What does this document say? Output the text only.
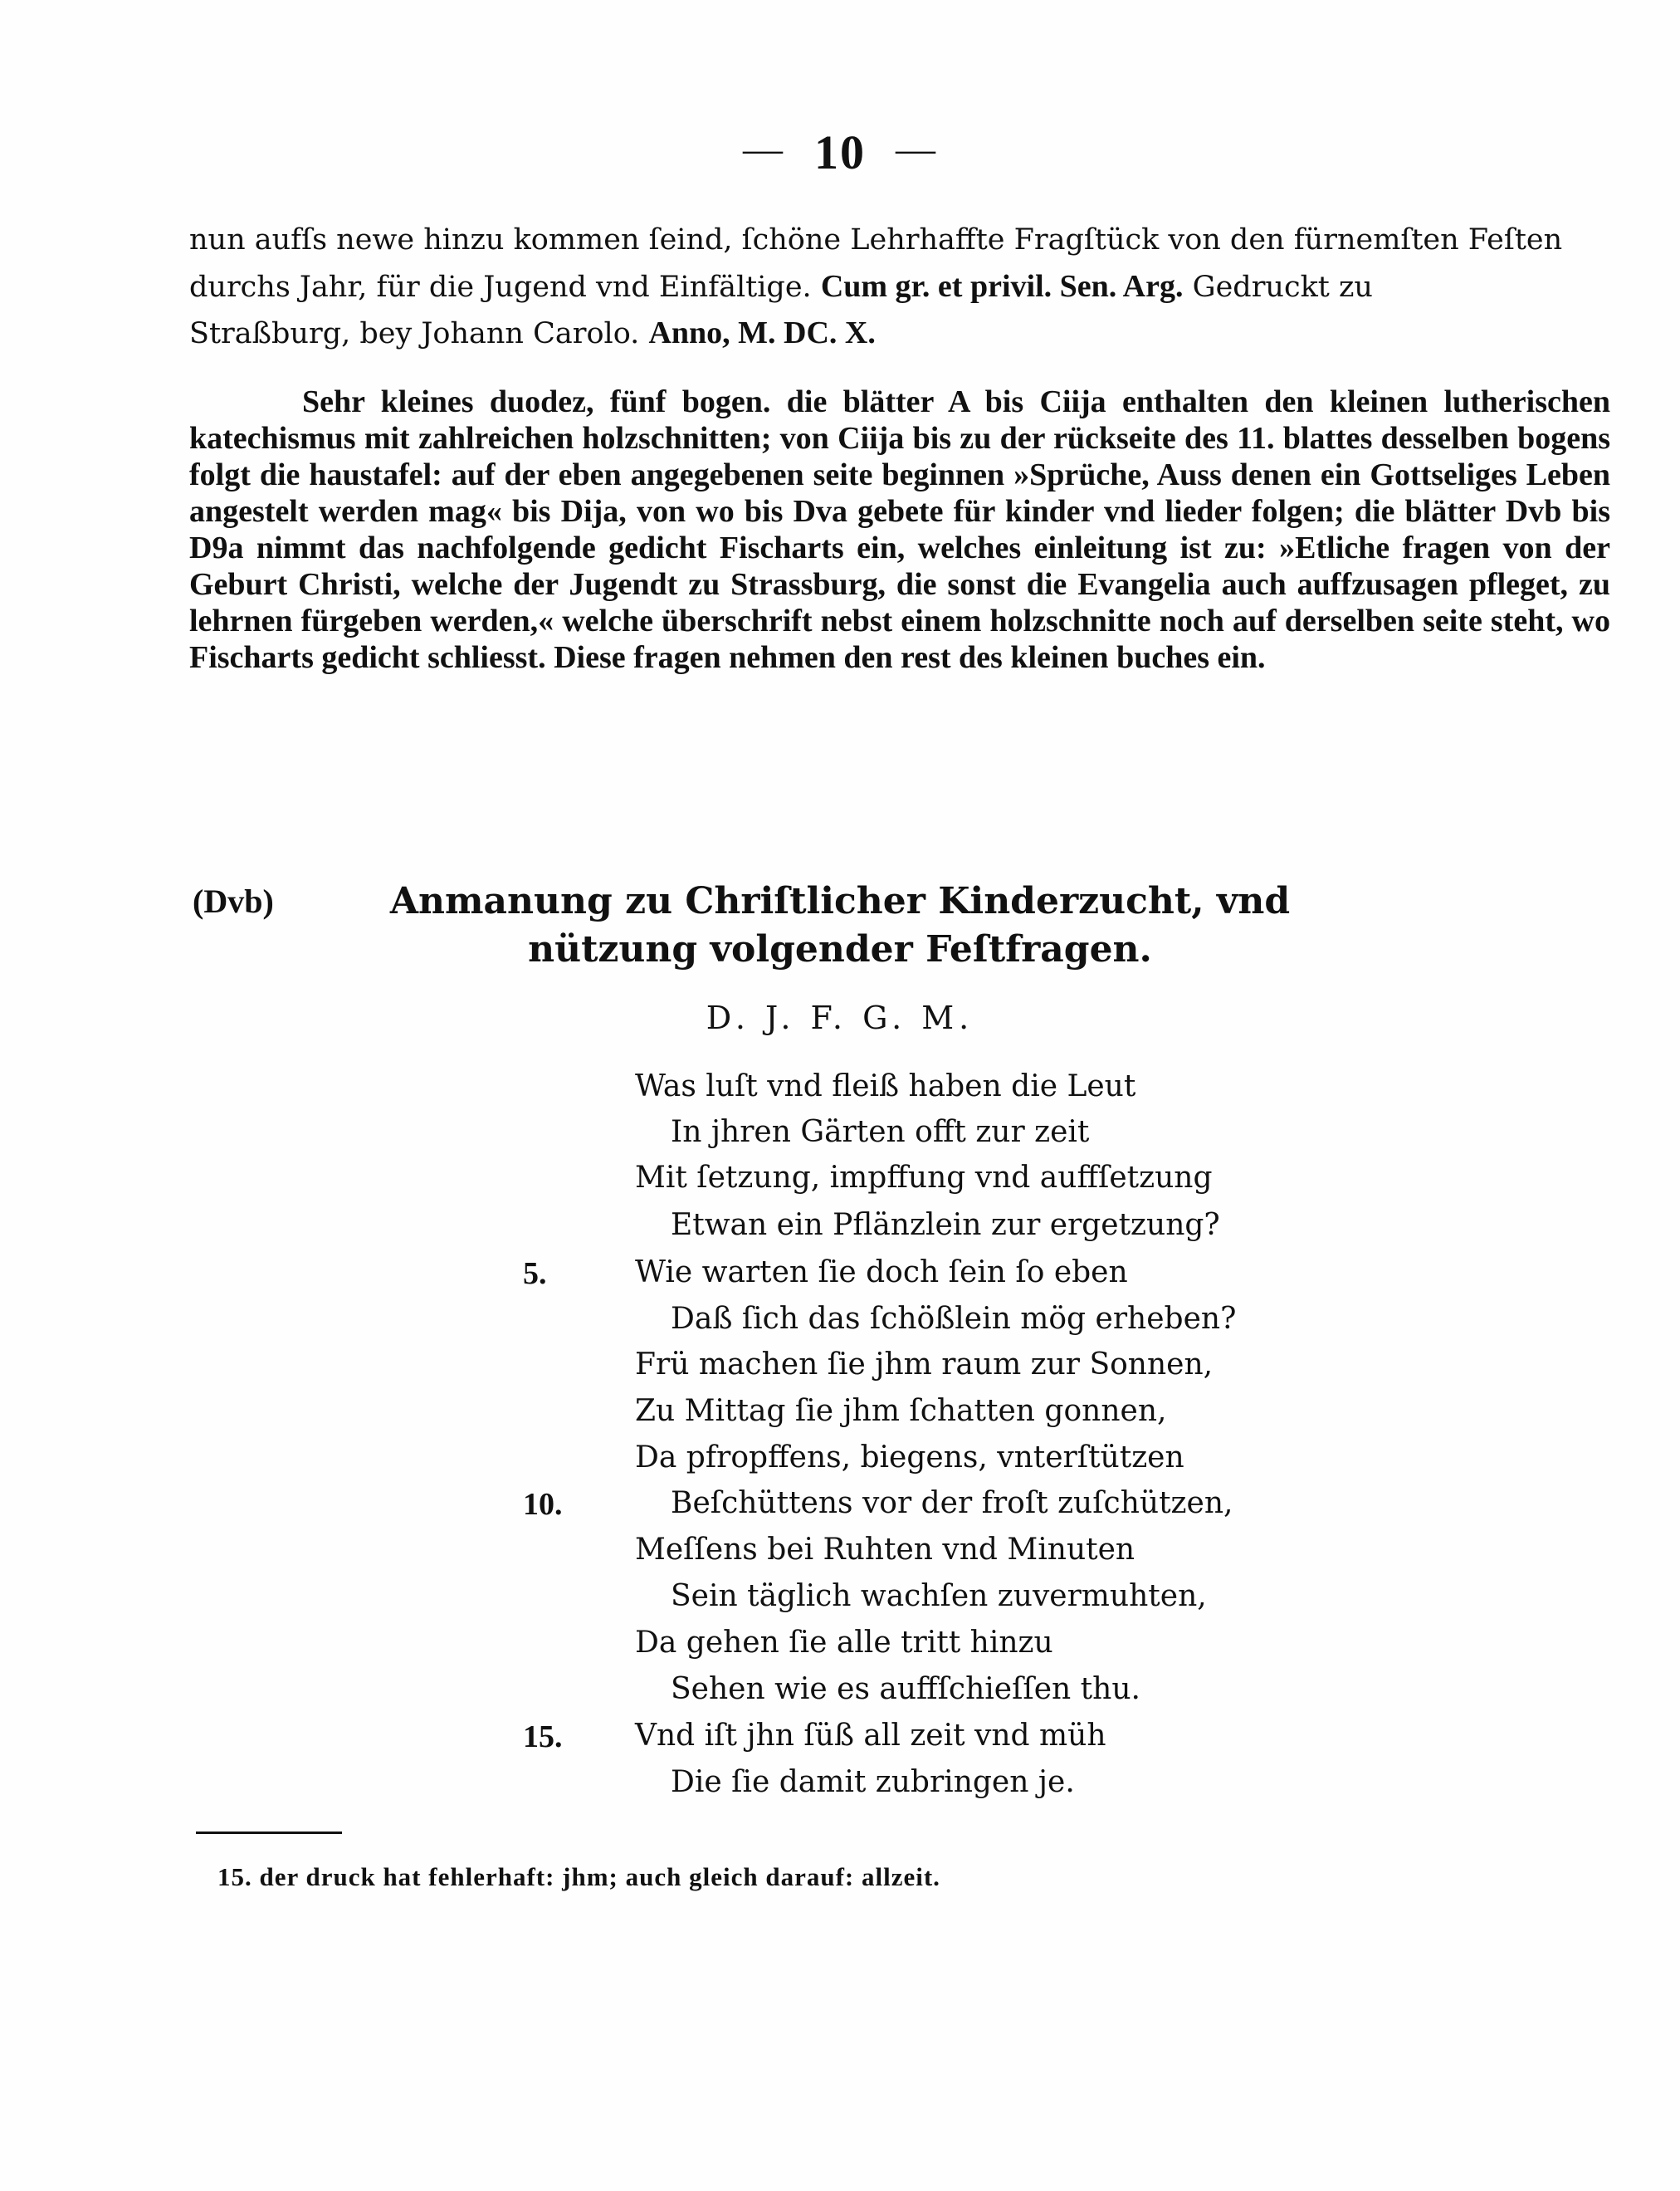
— 10 —
nun aufſs newe hinzu kommen ſeind, ſchöne Lehrhaffte Fragſtück von den fürnemſten Feſten
durchs Jahr, für die Jugend vnd Einfältige. Cum gr. et privil. Sen. Arg. Gedruckt zu
Straßburg, bey Johann Carolo. Anno, M. DC. X.
Sehr kleines duodez, fünf bogen. die blätter A bis Ciija enthalten den kleinen lutherischen katechismus mit zahlreichen holzschnitten; von Ciija bis zu der rückseite des 11. blattes desselben bogens folgt die haustafel: auf der eben angegebenen seite beginnen »Sprüche, Auss denen ein Gottseliges Leben angestelt werden mag« bis Dija, von wo bis Dva gebete für kinder vnd lieder folgen; die blätter Dvb bis D9a nimmt das nachfolgende gedicht Fischarts ein, welches einleitung ist zu: »Etliche fragen von der Geburt Christi, welche der Jugendt zu Strassburg, die sonst die Evangelia auch auffzusagen pfleget, zu lehrnen fürgeben werden,« welche überschrift nebst einem holzschnitte noch auf derselben seite steht, wo Fischarts gedicht schliesst. Diese fragen nehmen den rest des kleinen buches ein.
(Dvb)	Anmanung zu Chriſtlicher Kinderzucht, vnd
nützung volgender Feſtfragen.
D. J. F. G. M.
Was luſt vnd fleiß haben die Leut
In jhren Gärten offt zur zeit
Mit ſetzung, impffung vnd auffſetzung
Etwan ein Pflänzlein zur ergetzung?
5.	Wie warten ſie doch ſein ſo eben
Daß ſich das ſchößlein mög erheben?
Frü machen ſie jhm raum zur Sonnen,
Zu Mittag ſie jhm ſchatten gonnen,
Da pfropffens, biegens, vnterſtützen
10.	Beſchüttens vor der froſt zuſchützen,
Meſſens bei Ruhten vnd Minuten
Sein täglich wachſen zuvermuhten,
Da gehen ſie alle tritt hinzu
Sehen wie es auffſchieſſen thu.
15. Vnd iſt jhn ſüß all zeit vnd müh
Die ſie damit zubringen je.
15. der druck hat fehlerhaft: jhm; auch gleich darauf: allzeit.
